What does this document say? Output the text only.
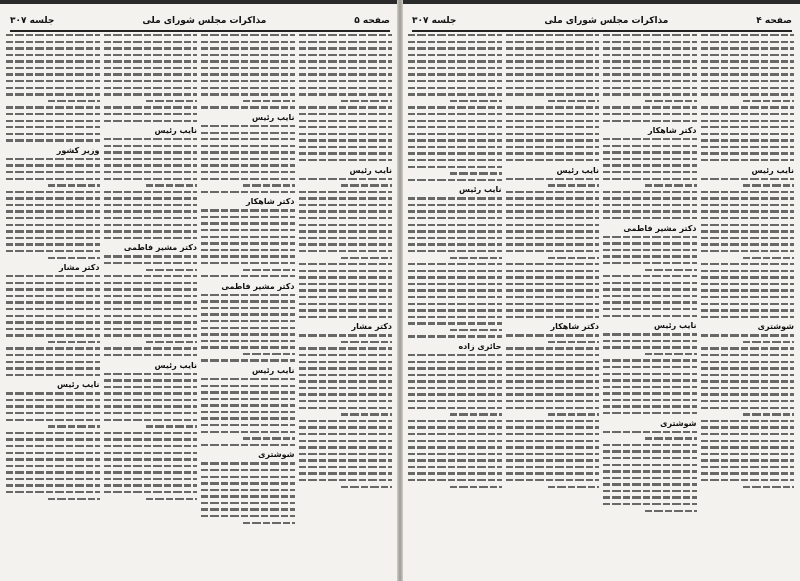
صفحه ۵
مذاکرات مجلس شورای ملی
جلسه ۳۰۷
نایب رئیس
دکتر مشار
نایب رئیس
دکتر شاهکار
دکتر مشیر فاطمی
نایب رئیس
شوشتری
نایب رئیس
دکتر مشیر فاطمی
نایب رئیس
وزیر کشور
دکتر مشار
نایب رئیس
صفحه ۴
مذاکرات مجلس شورای ملی
جلسه ۳۰۷
نایب رئیس
شوشتری
دکتر شاهکار
دکتر مشیر فاطمی
نایب رئیس
شوشتری
نایب رئیس
دکتر شاهکار
نایب رئیس
حائری زاده
